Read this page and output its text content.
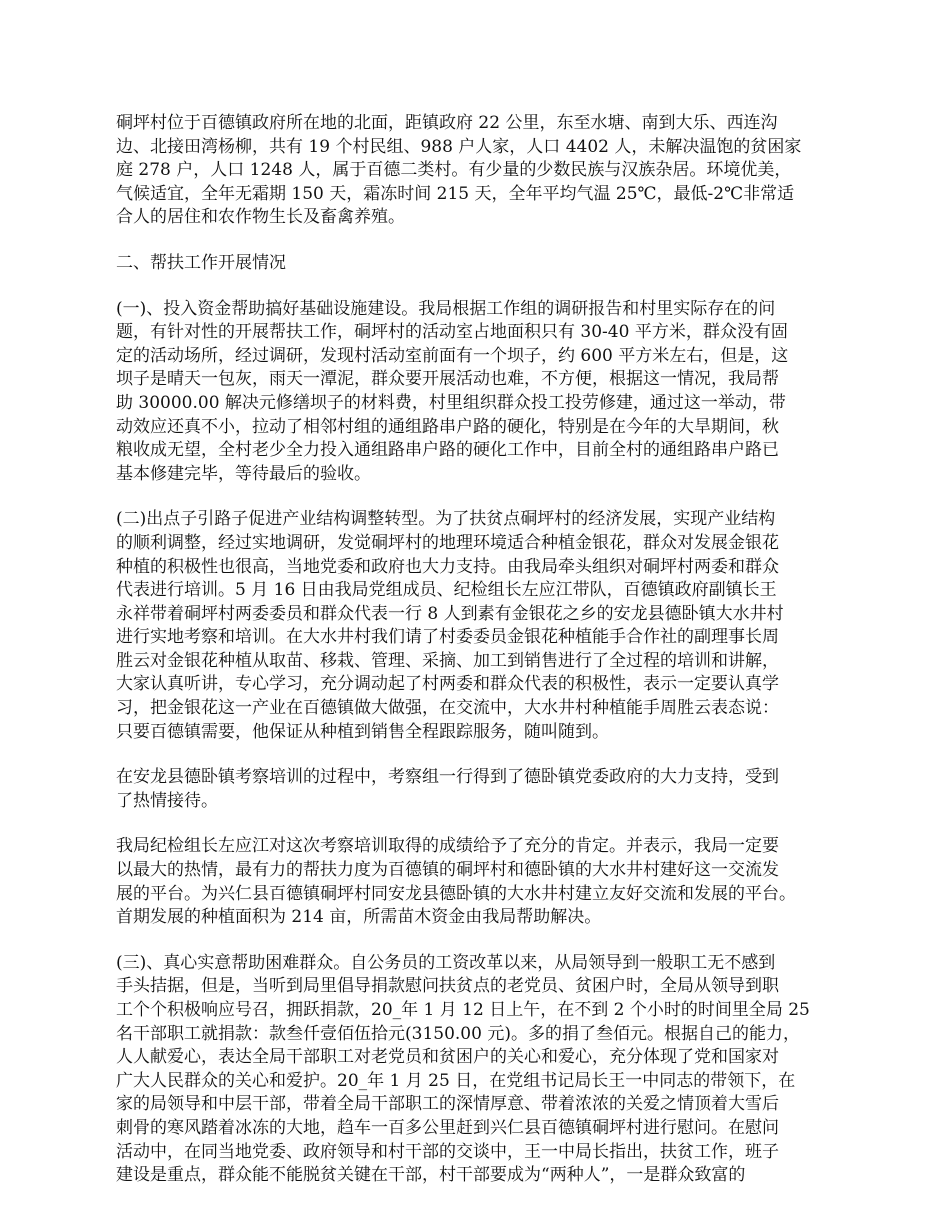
硐坪村位于百德镇政府所在地的北面，距镇政府 22 公里，东至水塘、南到大乐、西连沟
边、北接田湾杨柳，共有 19 个村民组、988 户人家，人口 4402 人，未解决温饱的贫困家
庭 278 户，人口 1248 人，属于百德二类村。有少量的少数民族与汉族杂居。环境优美，
气候适宜，全年无霜期 150 天，霜冻时间 215 天，全年平均气温 25℃，最低-2℃非常适
合人的居住和农作物生长及畜禽养殖。
二、帮扶工作开展情况
(一)、投入资金帮助搞好基础设施建设。我局根据工作组的调研报告和村里实际存在的问
题，有针对性的开展帮扶工作，硐坪村的活动室占地面积只有 30-40 平方米，群众没有固
定的活动场所，经过调研，发现村活动室前面有一个坝子，约 600 平方米左右，但是，这
坝子是晴天一包灰，雨天一潭泥，群众要开展活动也难，不方便，根据这一情况，我局帮
助 30000.00 解决元修缮坝子的材料费，村里组织群众投工投劳修建，通过这一举动，带
动效应还真不小，拉动了相邻村组的通组路串户路的硬化，特别是在今年的大旱期间，秋
粮收成无望，全村老少全力投入通组路串户路的硬化工作中，目前全村的通组路串户路已
基本修建完毕，等待最后的验收。
(二)出点子引路子促进产业结构调整转型。为了扶贫点硐坪村的经济发展，实现产业结构
的顺利调整，经过实地调研，发觉硐坪村的地理环境适合种植金银花，群众对发展金银花
种植的积极性也很高，当地党委和政府也大力支持。由我局牵头组织对硐坪村两委和群众
代表进行培训。5 月 16 日由我局党组成员、纪检组长左应江带队，百德镇政府副镇长王
永祥带着硐坪村两委委员和群众代表一行 8 人到素有金银花之乡的安龙县德卧镇大水井村
进行实地考察和培训。在大水井村我们请了村委委员金银花种植能手合作社的副理事长周
胜云对金银花种植从取苗、移栽、管理、采摘、加工到销售进行了全过程的培训和讲解，
大家认真听讲，专心学习，充分调动起了村两委和群众代表的积极性，表示一定要认真学
习，把金银花这一产业在百德镇做大做强，在交流中，大水井村种植能手周胜云表态说：
只要百德镇需要，他保证从种植到销售全程跟踪服务，随叫随到。
在安龙县德卧镇考察培训的过程中，考察组一行得到了德卧镇党委政府的大力支持，受到
了热情接待。
我局纪检组长左应江对这次考察培训取得的成绩给予了充分的肯定。并表示，我局一定要
以最大的热情，最有力的帮扶力度为百德镇的硐坪村和德卧镇的大水井村建好这一交流发
展的平台。为兴仁县百德镇硐坪村同安龙县德卧镇的大水井村建立友好交流和发展的平台。
首期发展的种植面积为 214 亩，所需苗木资金由我局帮助解决。
(三)、真心实意帮助困难群众。自公务员的工资改革以来，从局领导到一般职工无不感到
手头拮据，但是，当听到局里倡导捐款慰问扶贫点的老党员、贫困户时，全局从领导到职
工个个积极响应号召，拥跃捐款，20_年 1 月 12 日上午，在不到 2 个小时的时间里全局 25
名干部职工就捐款：款叁仟壹佰伍拾元(3150.00 元)。多的捐了叁佰元。根据自己的能力，
人人献爱心，表达全局干部职工对老党员和贫困户的关心和爱心，充分体现了党和国家对
广大人民群众的关心和爱护。20_年 1 月 25 日，在党组书记局长王一中同志的带领下，在
家的局领导和中层干部，带着全局干部职工的深情厚意、带着浓浓的关爱之情顶着大雪后
刺骨的寒风踏着冰冻的大地，趋车一百多公里赶到兴仁县百德镇硐坪村进行慰问。在慰问
活动中，在同当地党委、政府领导和村干部的交谈中，王一中局长指出，扶贫工作，班子
建设是重点，群众能不能脱贫关键在干部，村干部要成为“两种人”，一是群众致富的
